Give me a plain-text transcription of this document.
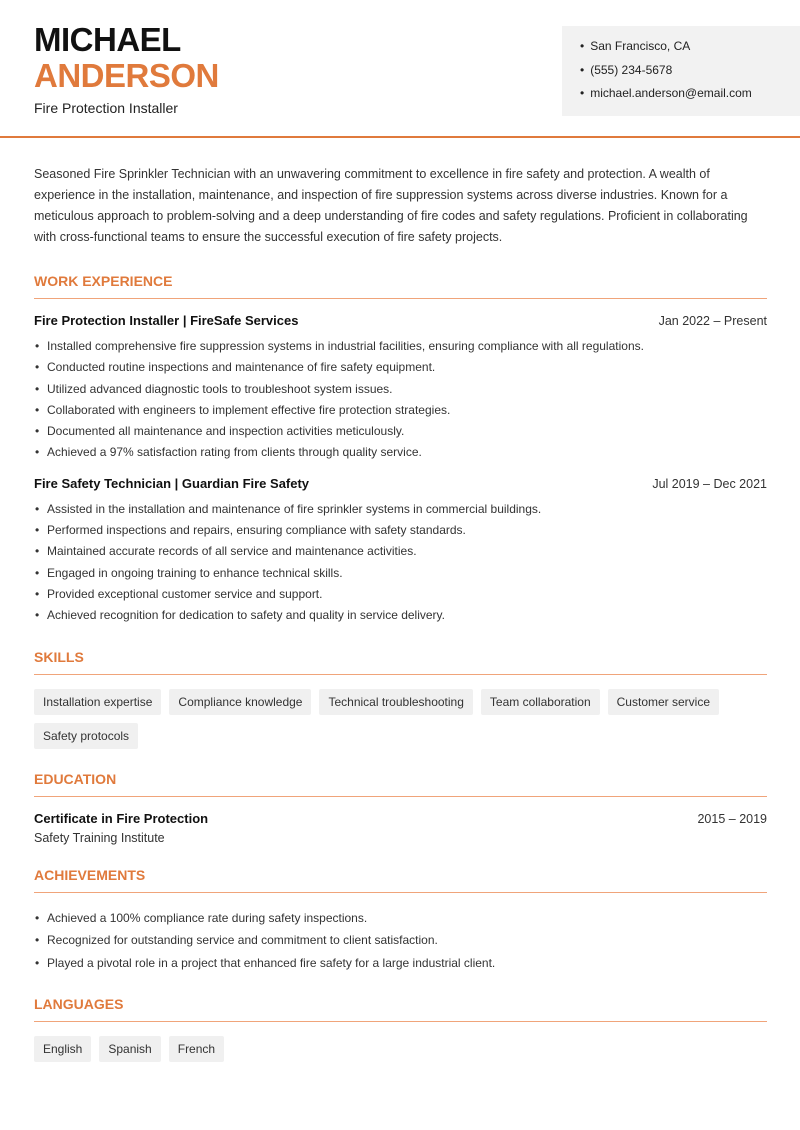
MICHAEL
ANDERSON
Fire Protection Installer
• San Francisco, CA
• (555) 234-5678
• michael.anderson@email.com

Seasoned Fire Sprinkler Technician with an unwavering commitment to excellence in fire safety and protection. A wealth of experience in the installation, maintenance, and inspection of fire suppression systems across diverse industries. Known for a meticulous approach to problem-solving and a deep understanding of fire codes and safety regulations. Proficient in collaborating with cross-functional teams to ensure the successful execution of fire safety projects.

WORK EXPERIENCE
Fire Protection Installer | FireSafe Services	Jan 2022 – Present
• Installed comprehensive fire suppression systems in industrial facilities, ensuring compliance with all regulations.
• Conducted routine inspections and maintenance of fire safety equipment.
• Utilized advanced diagnostic tools to troubleshoot system issues.
• Collaborated with engineers to implement effective fire protection strategies.
• Documented all maintenance and inspection activities meticulously.
• Achieved a 97% satisfaction rating from clients through quality service.
Fire Safety Technician | Guardian Fire Safety	Jul 2019 – Dec 2021
• Assisted in the installation and maintenance of fire sprinkler systems in commercial buildings.
• Performed inspections and repairs, ensuring compliance with safety standards.
• Maintained accurate records of all service and maintenance activities.
• Engaged in ongoing training to enhance technical skills.
• Provided exceptional customer service and support.
• Achieved recognition for dedication to safety and quality in service delivery.
SKILLS
Installation expertise	Compliance knowledge	Technical troubleshooting	Team collaboration	Customer service
Safety protocols
EDUCATION
Certificate in Fire Protection	2015 – 2019
Safety Training Institute
ACHIEVEMENTS
• Achieved a 100% compliance rate during safety inspections.
• Recognized for outstanding service and commitment to client satisfaction.
• Played a pivotal role in a project that enhanced fire safety for a large industrial client.
LANGUAGES
English	Spanish	French
